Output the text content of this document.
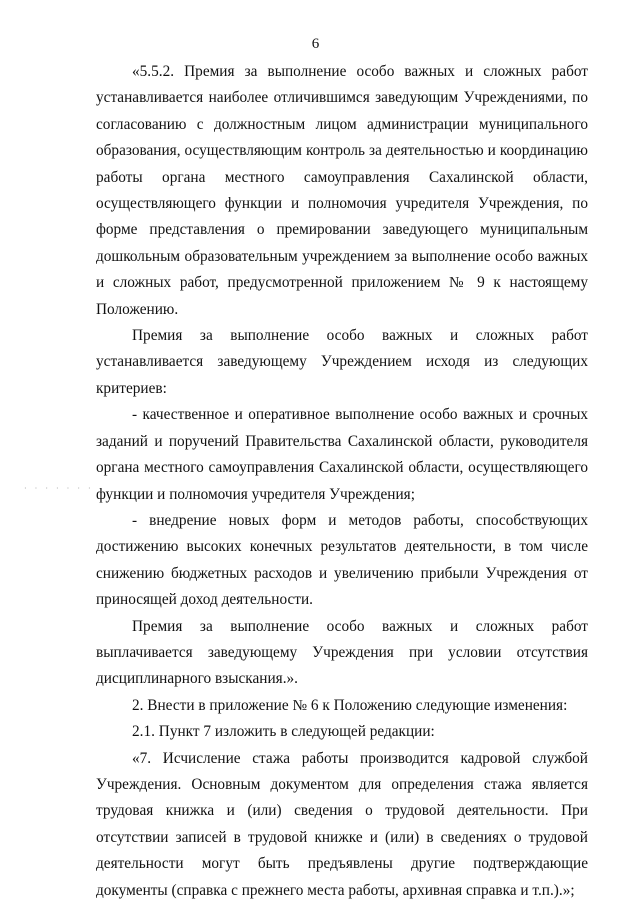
6

«5.5.2. Премия за выполнение особо важных и сложных работ устанавливается наиболее отличившимся заведующим Учреждениями, по согласованию с должностным лицом администрации муниципального образования, осуществляющим контроль за деятельностью и координацию работы органа местного самоуправления Сахалинской области, осуществляющего функции и полномочия учредителя Учреждения, по форме представления о премировании заведующего муниципальным дошкольным образовательным учреждением за выполнение особо важных и сложных работ, предусмотренной приложением № 9 к настоящему Положению.

Премия за выполнение особо важных и сложных работ устанавливается заведующему Учреждением исходя из следующих критериев:

- качественное и оперативное выполнение особо важных и срочных заданий и поручений Правительства Сахалинской области, руководителя органа местного самоуправления Сахалинской области, осуществляющего функции и полномочия учредителя Учреждения;

- внедрение новых форм и методов работы, способствующих достижению высоких конечных результатов деятельности, в том числе снижению бюджетных расходов и увеличению прибыли Учреждения от приносящей доход деятельности.

Премия за выполнение особо важных и сложных работ выплачивается заведующему Учреждения при условии отсутствия дисциплинарного взыскания.».

2. Внести в приложение № 6 к Положению следующие изменения:

2.1. Пункт 7 изложить в следующей редакции:

«7. Исчисление стажа работы производится кадровой службой Учреждения. Основным документом для определения стажа является трудовая книжка и (или) сведения о трудовой деятельности. При отсутствии записей в трудовой книжке и (или) в сведениях о трудовой деятельности могут быть предъявлены другие подтверждающие документы (справка с прежнего места работы, архивная справка и т.п.).»;

· · · · · · ·
